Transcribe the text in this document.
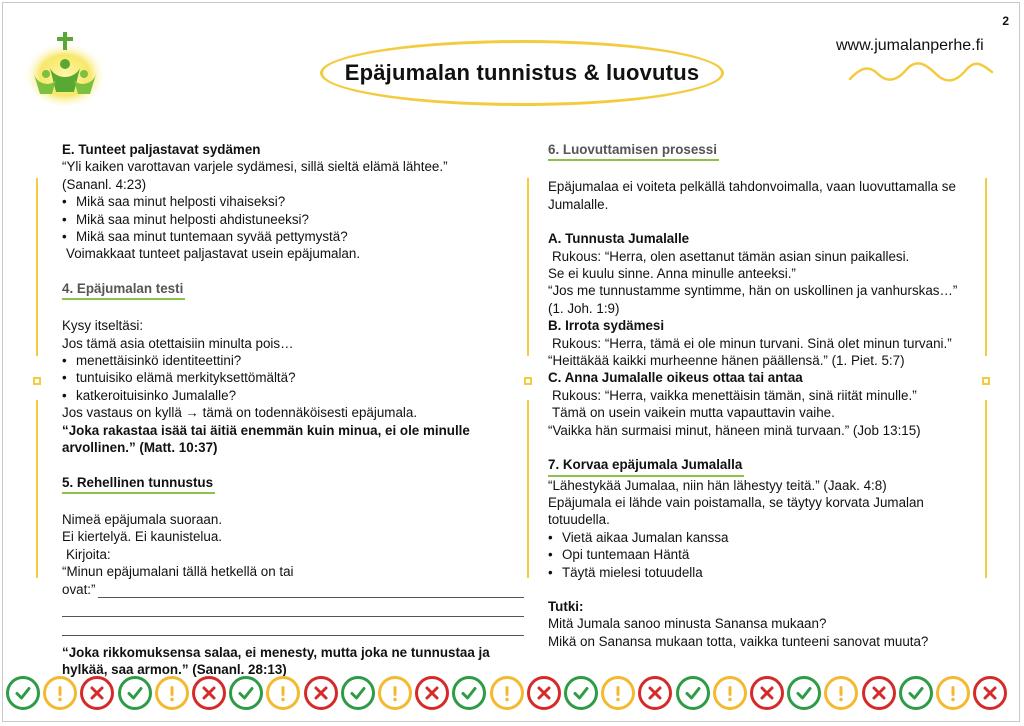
2
Epäjumalan tunnistus & luovutus
www.jumalanperhe.fi

E. Tunteet paljastavat sydämen

“Yli kaiken varottavan varjele sydämesi, sillä sieltä elämä lähtee.”

(Sananl. 4:23)

• Mikä saa minut helposti vihaiseksi?

• Mikä saa minut helposti ahdistuneeksi?

• Mikä saa minut tuntemaan syvää pettymystä?

Voimakkaat tunteet paljastavat usein epäjumalan.

4. Epäjumalan testi

Kysy itseltäsi:

Jos tämä asia otettaisiin minulta pois…

• menettäisinkö identiteettini?

• tuntuisiko elämä merkityksettömältä?

• katkeroituisinko Jumalalle?

Jos vastaus on kyllä → tämä on todennäköisesti epäjumala.

“Joka rakastaa isää tai äitiä enemmän kuin minua, ei ole minulle arvollinen.” (Matt. 10:37)

5. Rehellinen tunnustus

Nimeä epäjumala suoraan.

Ei kiertelyä. Ei kaunistelua.

Kirjoita:

“Minun epäjumalani tällä hetkellä on tai

ovat:”

“Joka rikkomuksensa salaa, ei menesty, mutta joka ne tunnustaa ja hylkää, saa armon.” (Sananl. 28:13)

6. Luovuttamisen prosessi

Epäjumalaa ei voiteta pelkällä tahdonvoimalla, vaan luovuttamalla se Jumalalle.

A. Tunnusta Jumalalle

Rukous: “Herra, olen asettanut tämän asian sinun paikallesi.

Se ei kuulu sinne. Anna minulle anteeksi.”

“Jos me tunnustamme syntimme, hän on uskollinen ja vanhurskas…”

(1. Joh. 1:9)

B. Irrota sydämesi

Rukous: “Herra, tämä ei ole minun turvani. Sinä olet minun turvani.”

“Heittäkää kaikki murheenne hänen päällensä.” (1. Piet. 5:7)

C. Anna Jumalalle oikeus ottaa tai antaa

Rukous: “Herra, vaikka menettäisin tämän, sinä riität minulle.”

Tämä on usein vaikein mutta vapauttavin vaihe.

“Vaikka hän surmaisi minut, häneen minä turvaan.” (Job 13:15)

7. Korvaa epäjumala Jumalalla

“Lähestykää Jumalaa, niin hän lähestyy teitä.” (Jaak. 4:8)

Epäjumala ei lähde vain poistamalla, se täytyy korvata Jumalan totuudella.

• Vietä aikaa Jumalan kanssa

• Opi tuntemaan Häntä

• Täytä mielesi totuudella

Tutki:

Mitä Jumala sanoo minusta Sanansa mukaan?

Mikä on Sanansa mukaan totta, vaikka tunteeni sanovat muuta?
